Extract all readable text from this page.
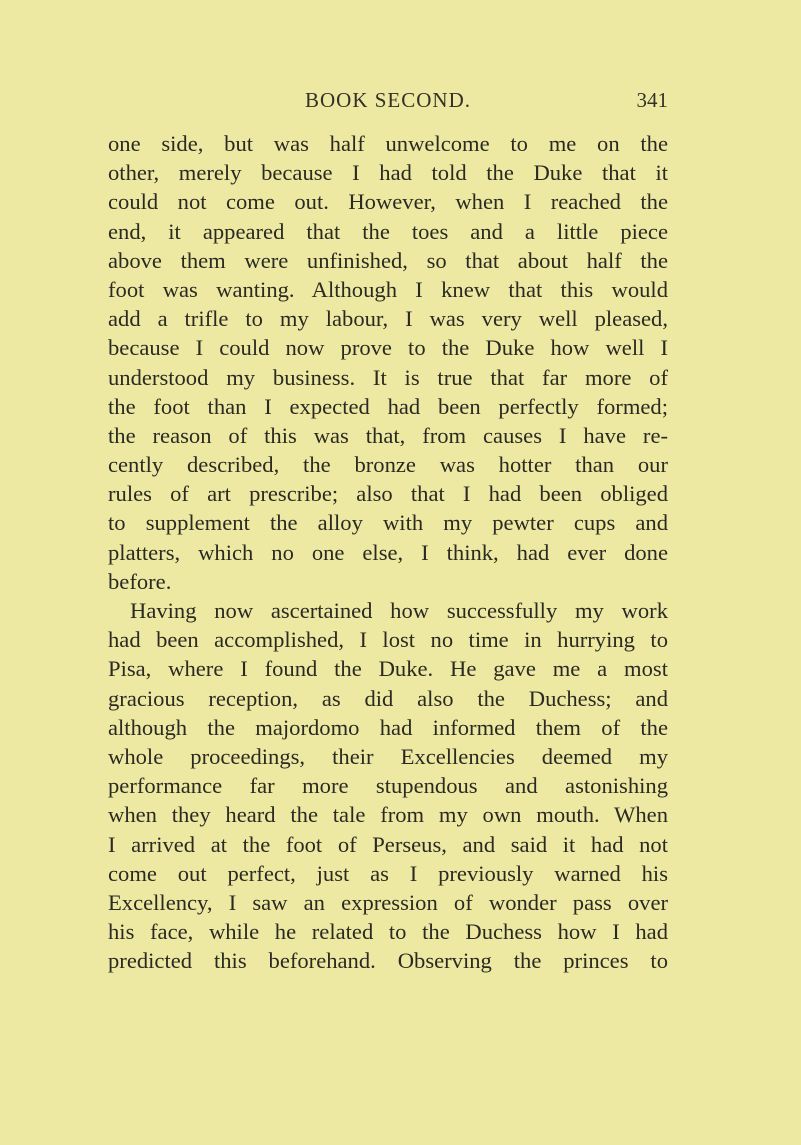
BOOK SECOND.	341
one side, but was half unwelcome to me on the
other, merely because I had told the Duke that it
could not come out. However, when I reached the
end, it appeared that the toes and a little piece
above them were unfinished, so that about half the
foot was wanting. Although I knew that this would
add a trifle to my labour, I was very well pleased,
because I could now prove to the Duke how well I
understood my business. It is true that far more of
the foot than I expected had been perfectly formed;
the reason of this was that, from causes I have re-
cently described, the bronze was hotter than our
rules of art prescribe; also that I had been obliged
to supplement the alloy with my pewter cups and
platters, which no one else, I think, had ever done
before.
Having now ascertained how successfully my work
had been accomplished, I lost no time in hurrying to
Pisa, where I found the Duke. He gave me a most
gracious reception, as did also the Duchess; and
although the majordomo had informed them of the
whole proceedings, their Excellencies deemed my
performance far more stupendous and astonishing
when they heard the tale from my own mouth. When
I arrived at the foot of Perseus, and said it had not
come out perfect, just as I previously warned his
Excellency, I saw an expression of wonder pass over
his face, while he related to the Duchess how I had
predicted this beforehand. Observing the princes to
